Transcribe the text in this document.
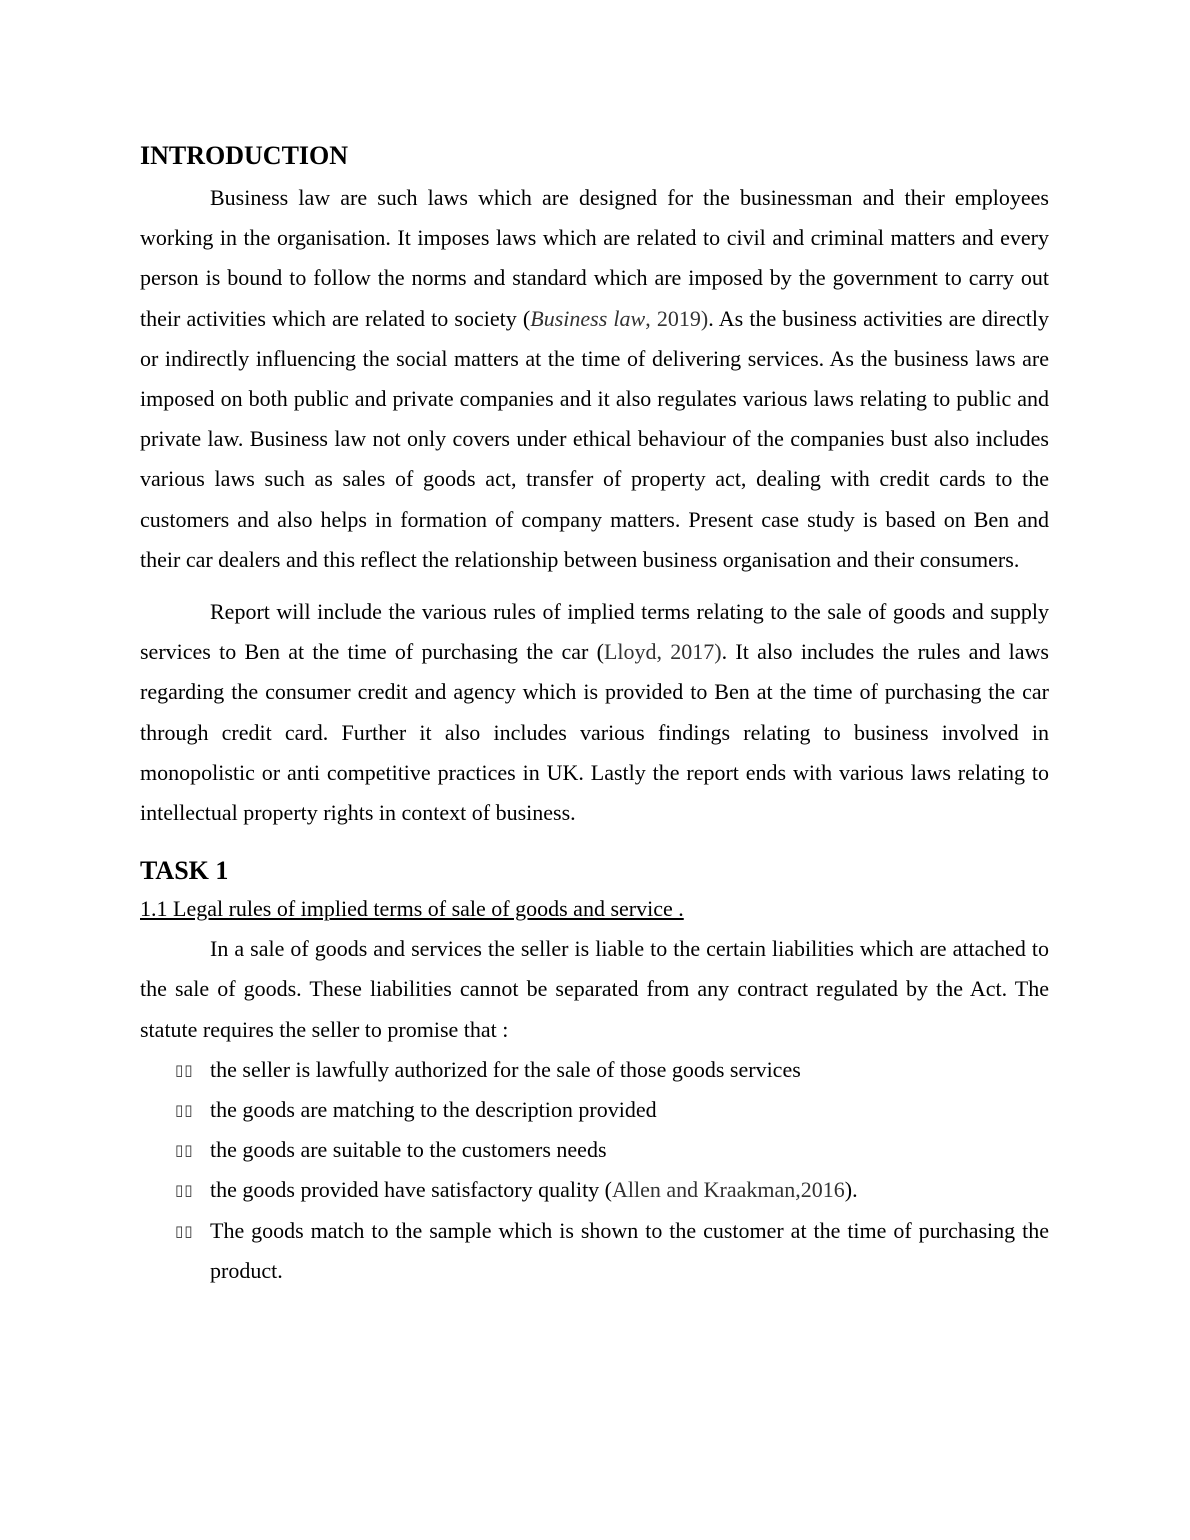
INTRODUCTION

Business law are such laws which are designed for the businessman and their employees working in the organisation. It imposes laws which are related to civil and criminal matters and every person is bound to follow the norms and standard which are imposed by the government to carry out their activities which are related to society (Business law, 2019). As the business activities are directly or indirectly influencing the social matters at the time of delivering services. As the business laws are imposed on both public and private companies and it also regulates various laws relating to public and private law. Business law not only covers under ethical behaviour of the companies bust also includes various laws such as sales of goods act, transfer of property act, dealing with credit cards to the customers and also helps in formation of company matters. Present case study is based on Ben and their car dealers and this reflect the relationship between business organisation and their consumers.

Report will include the various rules of implied terms relating to the sale of goods and supply services to Ben at the time of purchasing the car (Lloyd, 2017). It also includes the rules and laws regarding the consumer credit and agency which is provided to Ben at the time of purchasing the car through credit card. Further it also includes various findings relating to business involved in monopolistic or anti competitive practices in UK. Lastly the report ends with various laws relating to intellectual property rights in context of business.

TASK 1

1.1 Legal rules of implied terms of sale of goods and service .

In a sale of goods and services the seller is liable to the certain liabilities which are attached to the sale of goods. These liabilities cannot be separated from any contract regulated by the Act. The statute requires the seller to promise that :

▯▯ the seller is lawfully authorized for the sale of those goods services
▯▯ the goods are matching to the description provided
▯▯ the goods are suitable to the customers needs
▯▯ the goods provided have satisfactory quality (Allen and Kraakman,2016).
▯▯ The goods match to the sample which is shown to the customer at the time of purchasing the product.
